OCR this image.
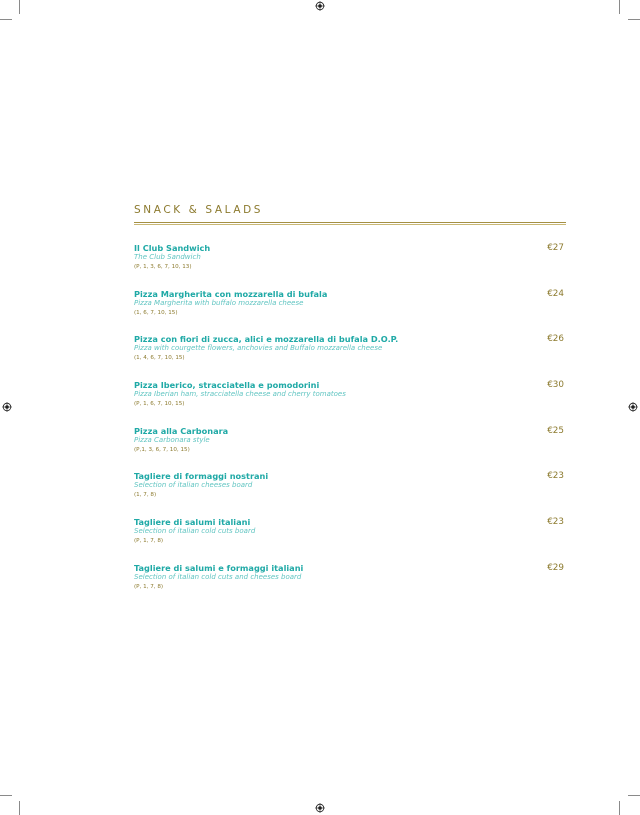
SNACK & SALADS
Il Club Sandwich
The Club Sandwich
(P, 1, 3, 6, 7, 10, 13)
€27
Pizza Margherita con mozzarella di bufala
Pizza Margherita with buffalo mozzarella cheese
(1, 6, 7, 10, 15)
€24
Pizza con fiori di zucca, alici e mozzarella di bufala D.O.P.
Pizza with courgette flowers, anchovies and Buffalo mozzarella cheese
(1, 4, 6, 7, 10, 15)
€26
Pizza Iberico, stracciatella e pomodorini
Pizza Iberian ham, stracciatella cheese and cherry tomatoes
(P, 1, 6, 7, 10, 15)
€30
Pizza alla Carbonara
Pizza Carbonara style
(P,1, 3, 6, 7, 10, 15)
€25
Tagliere di formaggi nostrani
Selection of italian cheeses board
(1, 7, 8)
€23
Tagliere di salumi italiani
Selection of italian cold cuts board
(P, 1, 7, 8)
€23
Tagliere di salumi e formaggi italiani
Selection of italian cold cuts and cheeses board
(P, 1, 7, 8)
€29
